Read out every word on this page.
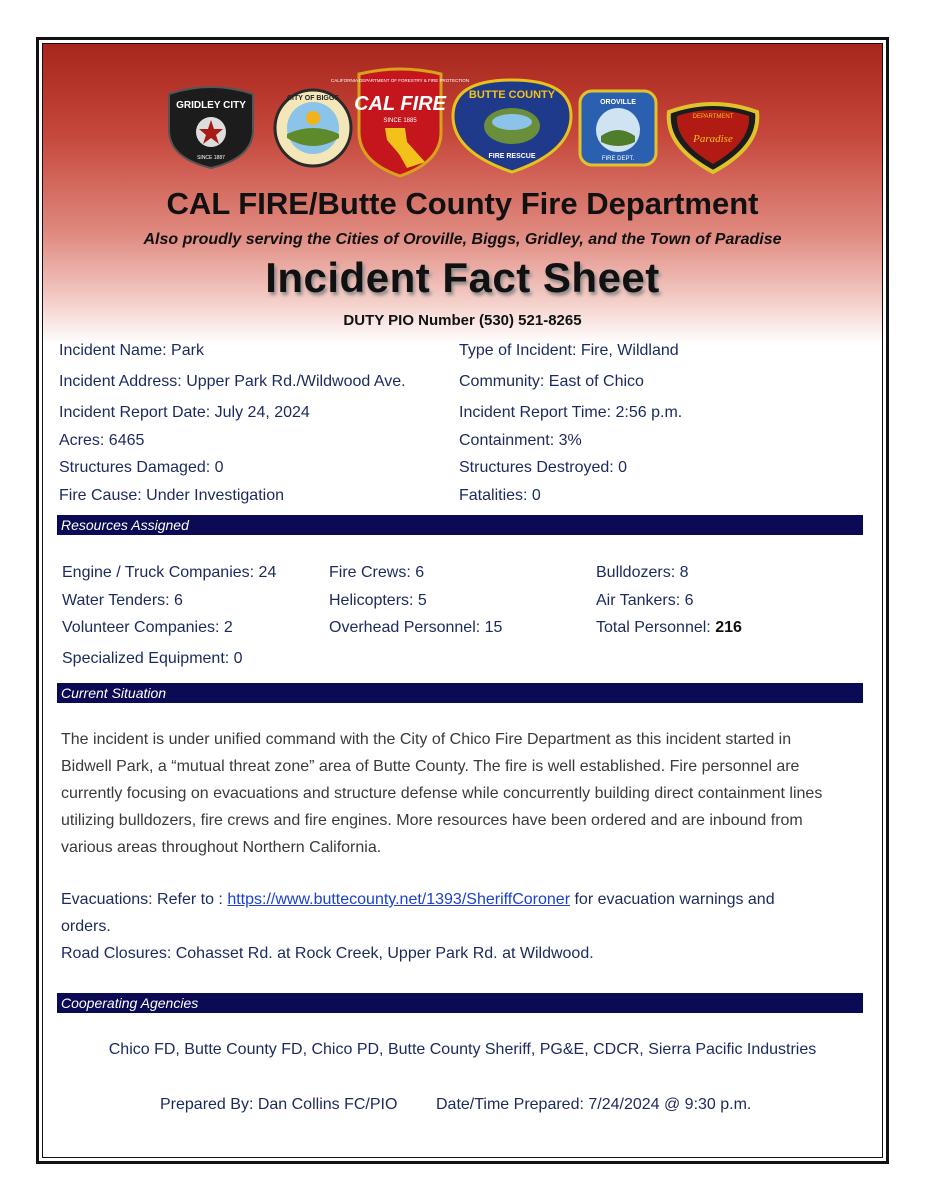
GRIDLEY CITY
SINCE 1887
CITY OF BIGGS
CALIFORNIA DEPARTMENT OF FORESTRY & FIRE PROTECTION
CAL FIRE
SINCE 1885
BUTTE COUNTY
FIRE RESCUE
OROVILLE
FIRE DEPT.
DEPARTMENT
Paradise
CAL FIRE/Butte County Fire Department
Also proudly serving the Cities of Oroville, Biggs, Gridley, and the Town of Paradise
Incident Fact Sheet
DUTY PIO Number (530) 521-8265
Incident Name: Park	Type of Incident: Fire, Wildland
Incident Address: Upper Park Rd./Wildwood Ave.	Community: East of Chico
Incident Report Date: July 24, 2024	Incident Report Time: 2:56 p.m.
Acres: 6465	Containment: 3%
Structures Damaged: 0	Structures Destroyed: 0
Fire Cause: Under Investigation	Fatalities: 0
Resources Assigned
Engine / Truck Companies: 24	Fire Crews: 6	Bulldozers: 8
Water Tenders: 6	Helicopters: 5	Air Tankers: 6
Volunteer Companies: 2	Overhead Personnel: 15	Total Personnel: 216
Specialized Equipment: 0
Current Situation
The incident is under unified command with the City of Chico Fire Department as this incident started in
Bidwell Park, a “mutual threat zone” area of Butte County. The fire is well established. Fire personnel are
currently focusing on evacuations and structure defense while concurrently building direct containment lines
utilizing bulldozers, fire crews and fire engines. More resources have been ordered and are inbound from
various areas throughout Northern California.
Evacuations: Refer to : https://www.buttecounty.net/1393/SheriffCoroner for evacuation warnings and
orders.
Road Closures: Cohasset Rd. at Rock Creek, Upper Park Rd. at Wildwood.
Cooperating Agencies
Chico FD, Butte County FD, Chico PD, Butte County Sheriff, PG&E, CDCR, Sierra Pacific Industries
Prepared By: Dan Collins FC/PIO Date/Time Prepared: 7/24/2024 @ 9:30 p.m.
